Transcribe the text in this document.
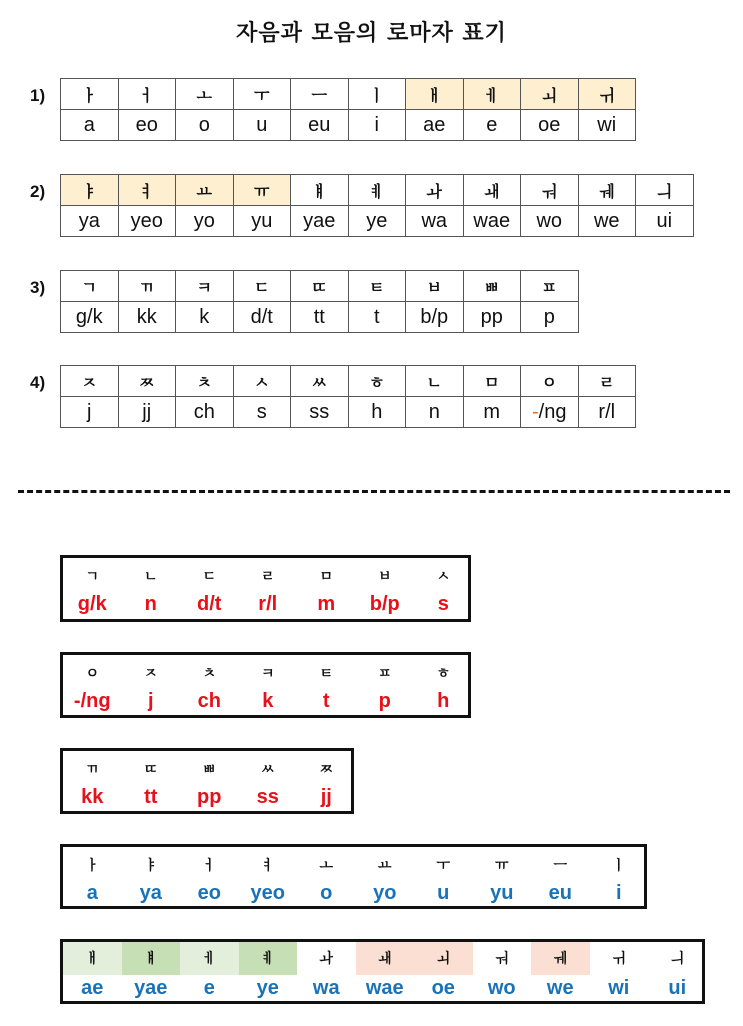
자음과 모음의 로마자 표기
1) ㅏ	ㅓ	ㅗ	ㅜ	ㅡ	ㅣ	ㅐ	ㅔ	ㅚ	ㅟ
a	eo	o	u	eu	i	ae	e	oe	wi
2) ㅑ	ㅕ	ㅛ	ㅠ	ㅒ	ㅖ	ㅘ	ㅙ	ㅝ	ㅞ	ㅢ
ya	yeo	yo	yu	yae	ye	wa	wae	wo	we	ui
3) ㄱ	ㄲ	ㅋ	ㄷ	ㄸ	ㅌ	ㅂ	ㅃ	ㅍ
g/k	kk	k	d/t	tt	t	b/p	pp	p
4) ㅈ	ㅉ	ㅊ	ㅅ	ㅆ	ㅎ	ㄴ	ㅁ	ㅇ	ㄹ
j	jj	ch	s	ss	h	n	m	-/ng	r/l
ㄱ	ㄴ	ㄷ	ㄹ	ㅁ	ㅂ	ㅅ
g/k	n	d/t	r/l	m	b/p	s
ㅇ	ㅈ	ㅊ	ㅋ	ㅌ	ㅍ	ㅎ
-/ng	j	ch	k	t	p	h
ㄲ	ㄸ	ㅃ	ㅆ	ㅉ
kk	tt	pp	ss	jj
ㅏ	ㅑ	ㅓ	ㅕ	ㅗ	ㅛ	ㅜ	ㅠ	ㅡ	ㅣ
a	ya	eo	yeo	o	yo	u	yu	eu	i
ㅐ	ㅒ	ㅔ	ㅖ	ㅘ	ㅙ	ㅚ	ㅝ	ㅞ	ㅟ	ㅢ
ae	yae	e	ye	wa	wae	oe	wo	we	wi	ui
